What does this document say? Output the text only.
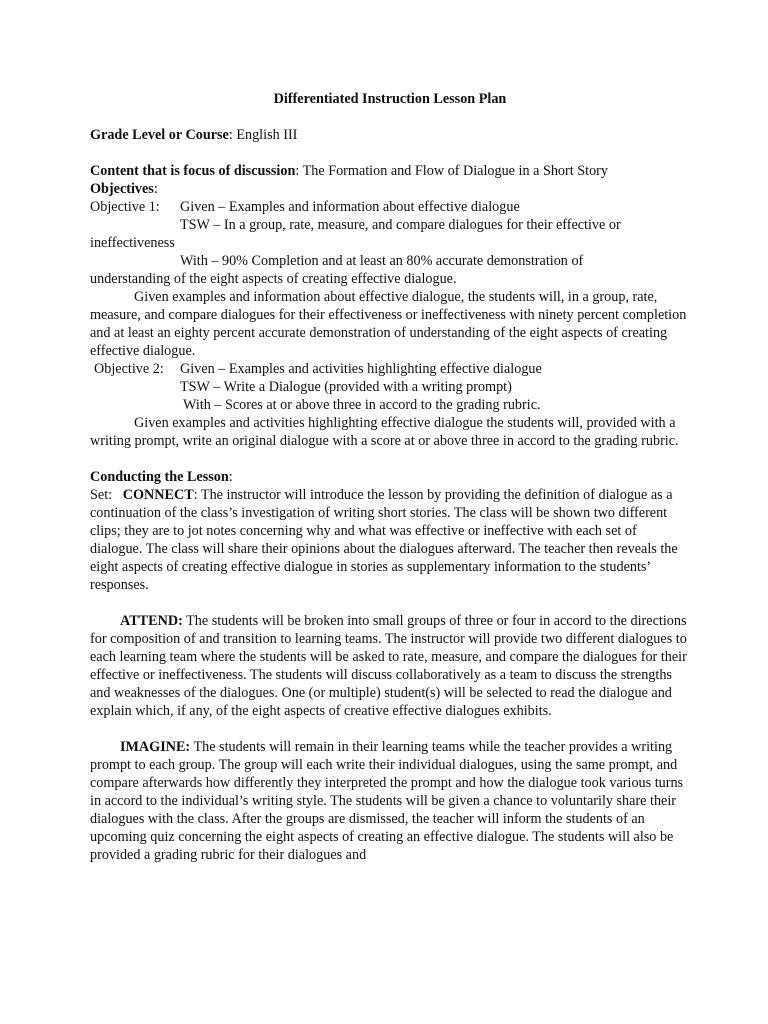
Differentiated Instruction Lesson Plan

Grade Level or Course: English III

Content that is focus of discussion: The Formation and Flow of Dialogue in a Short Story

Objectives:

Objective 1:	Given – Examples and information about effective dialogue

TSW – In a group, rate, measure, and compare dialogues for their effective or

ineffectiveness

With – 90% Completion and at least an 80% accurate demonstration of

understanding of the eight aspects of creating effective dialogue.

Given examples and information about effective dialogue, the students will, in a group, rate, measure, and compare dialogues for their effectiveness or ineffectiveness with ninety percent completion and at least an eighty percent accurate demonstration of understanding of the eight aspects of creating effective dialogue.

Objective 2:	Given – Examples and activities highlighting effective dialogue

TSW – Write a Dialogue (provided with a writing prompt)

With – Scores at or above three in accord to the grading rubric.

Given examples and activities highlighting effective dialogue the students will, provided with a writing prompt, write an original dialogue with a score at or above three in accord to the grading rubric.

Conducting the Lesson:

Set: CONNECT: The instructor will introduce the lesson by providing the definition of dialogue as a continuation of the class’s investigation of writing short stories. The class will be shown two different clips; they are to jot notes concerning why and what was effective or ineffective with each set of dialogue. The class will share their opinions about the dialogues afterward. The teacher then reveals the eight aspects of creating effective dialogue in stories as supplementary information to the students’ responses.

ATTEND: The students will be broken into small groups of three or four in accord to the directions for composition of and transition to learning teams. The instructor will provide two different dialogues to each learning team where the students will be asked to rate, measure, and compare the dialogues for their effective or ineffectiveness. The students will discuss collaboratively as a team to discuss the strengths and weaknesses of the dialogues. One (or multiple) student(s) will be selected to read the dialogue and explain which, if any, of the eight aspects of creative effective dialogues exhibits.

IMAGINE: The students will remain in their learning teams while the teacher provides a writing prompt to each group. The group will each write their individual dialogues, using the same prompt, and compare afterwards how differently they interpreted the prompt and how the dialogue took various turns in accord to the individual’s writing style. The students will be given a chance to voluntarily share their dialogues with the class. After the groups are dismissed, the teacher will inform the students of an upcoming quiz concerning the eight aspects of creating an effective dialogue. The students will also be provided a grading rubric for their dialogues and
